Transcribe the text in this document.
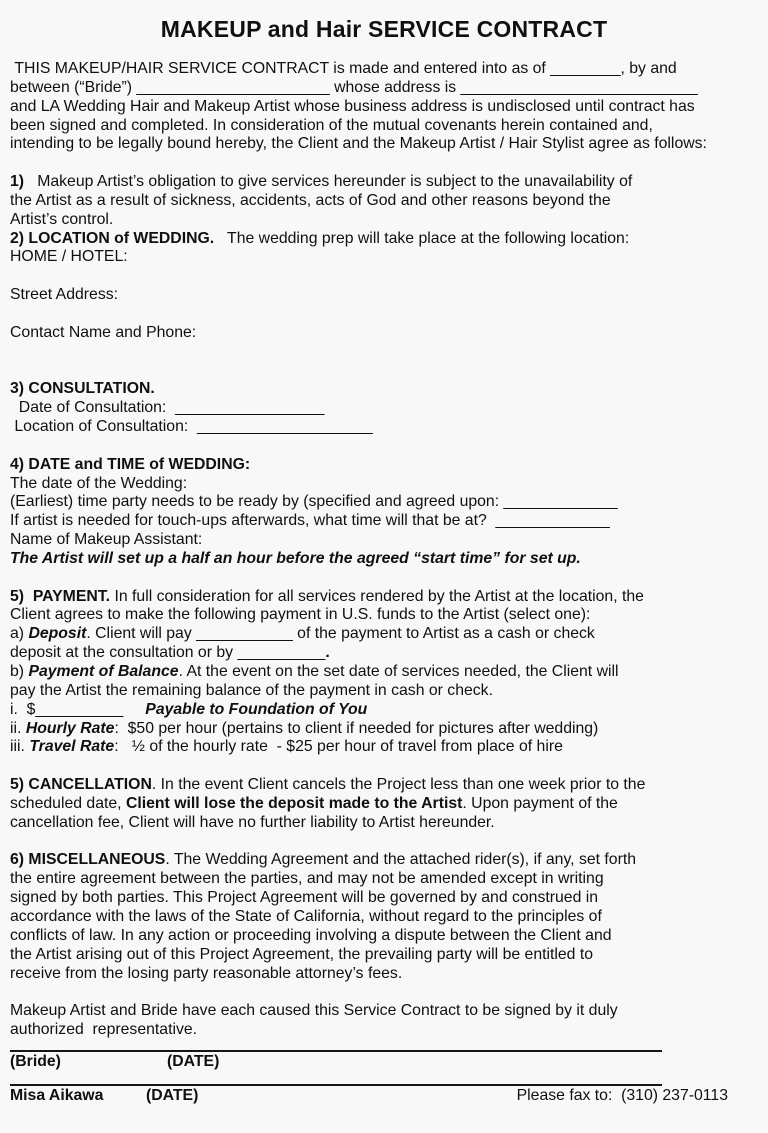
MAKEUP and Hair SERVICE CONTRACT
THIS MAKEUP/HAIR SERVICE CONTRACT is made and entered into as of ________, by and
between (“Bride”) ______________________ whose address is ___________________________
and LA Wedding Hair and Makeup Artist whose business address is undisclosed until contract has
been signed and completed. In consideration of the mutual covenants herein contained and,
intending to be legally bound hereby, the Client and the Makeup Artist / Hair Stylist agree as follows:
1)   Makeup Artist’s obligation to give services hereunder is subject to the unavailability of
the Artist as a result of sickness, accidents, acts of God and other reasons beyond the
Artist’s control.
2) LOCATION of WEDDING.   The wedding prep will take place at the following location:
HOME / HOTEL:
Street Address:
Contact Name and Phone:
3) CONSULTATION.
Date of Consultation:  _________________
Location of Consultation:  ____________________
4) DATE and TIME of WEDDING:
The date of the Wedding:
(Earliest) time party needs to be ready by (specified and agreed upon: _____________
If artist is needed for touch-ups afterwards, what time will that be at?  _____________
Name of Makeup Assistant:
The Artist will set up a half an hour before the agreed “start time” for set up.
5)  PAYMENT. In full consideration for all services rendered by the Artist at the location, the
Client agrees to make the following payment in U.S. funds to the Artist (select one):
a) Deposit. Client will pay ___________ of the payment to Artist as a cash or check
deposit at the consultation or by __________.
b) Payment of Balance. At the event on the set date of services needed, the Client will
pay the Artist the remaining balance of the payment in cash or check.
i.  $__________ Payable to Foundation of You
ii. Hourly Rate:  $50 per hour (pertains to client if needed for pictures after wedding)
iii. Travel Rate:   ½ of the hourly rate  - $25 per hour of travel from place of hire
5) CANCELLATION. In the event Client cancels the Project less than one week prior to the
scheduled date, Client will lose the deposit made to the Artist. Upon payment of the
cancellation fee, Client will have no further liability to Artist hereunder.
6) MISCELLANEOUS. The Wedding Agreement and the attached rider(s), if any, set forth
the entire agreement between the parties, and may not be amended except in writing
signed by both parties. This Project Agreement will be governed by and construed in
accordance with the laws of the State of California, without regard to the principles of
conflicts of law. In any action or proceeding involving a dispute between the Client and
the Artist arising out of this Project Agreement, the prevailing party will be entitled to
receive from the losing party reasonable attorney’s fees.
Makeup Artist and Bride have each caused this Service Contract to be signed by it duly
authorized  representative.
(Bride)	(DATE)
Misa Aikawa	(DATE)	Please fax to:  (310) 237-0113
